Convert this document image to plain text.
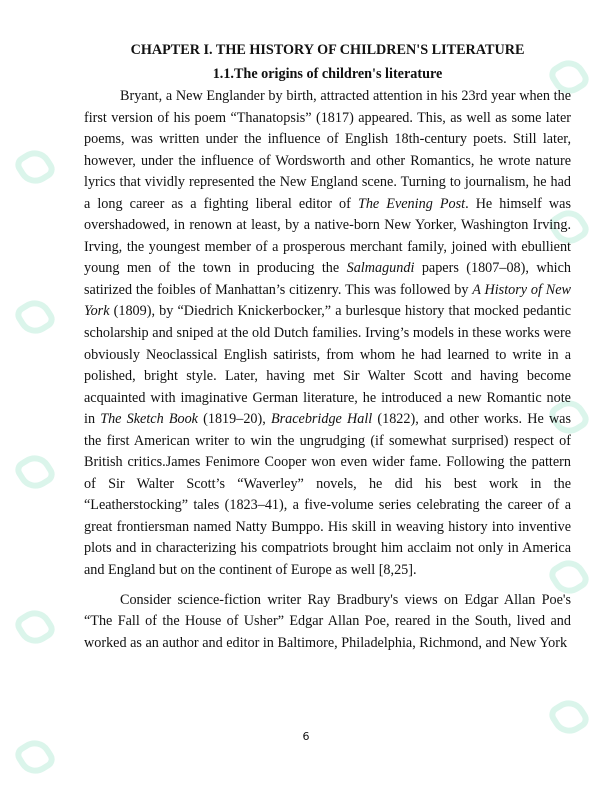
CHAPTER I. THE HISTORY OF CHILDREN'S LITERATURE

1.1.The origins of children's literature

Bryant, a New Englander by birth, attracted attention in his 23rd year when the first version of his poem “Thanatopsis” (1817) appeared. This, as well as some later poems, was written under the influence of English 18th-century poets. Still later, however, under the influence of Wordsworth and other Romantics, he wrote nature lyrics that vividly represented the New England scene. Turning to journalism, he had a long career as a fighting liberal editor of The Evening Post. He himself was overshadowed, in renown at least, by a native-born New Yorker, Washington Irving. Irving, the youngest member of a prosperous merchant family, joined with ebullient young men of the town in producing the Salmagundi papers (1807–08), which satirized the foibles of Manhattan’s citizenry. This was followed by A History of New York (1809), by “Diedrich Knickerbocker,” a burlesque history that mocked pedantic scholarship and sniped at the old Dutch families. Irving’s models in these works were obviously Neoclassical English satirists, from whom he had learned to write in a polished, bright style. Later, having met Sir Walter Scott and having become acquainted with imaginative German literature, he introduced a new Romantic note in The Sketch Book (1819–20), Bracebridge Hall (1822), and other works. He was the first American writer to win the ungrudging (if somewhat surprised) respect of British critics.James Fenimore Cooper won even wider fame. Following the pattern of Sir Walter Scott’s “Waverley” novels, he did his best work in the “Leatherstocking” tales (1823–41), a five-volume series celebrating the career of a great frontiersman named Natty Bumppo. His skill in weaving history into inventive plots and in characterizing his compatriots brought him acclaim not only in America and England but on the continent of Europe as well [8,25].

Consider science-fiction writer Ray Bradbury's views on Edgar Allan Poe's “The Fall of the House of Usher” Edgar Allan Poe, reared in the South, lived and worked as an author and editor in Baltimore, Philadelphia, Richmond, and New York

6
